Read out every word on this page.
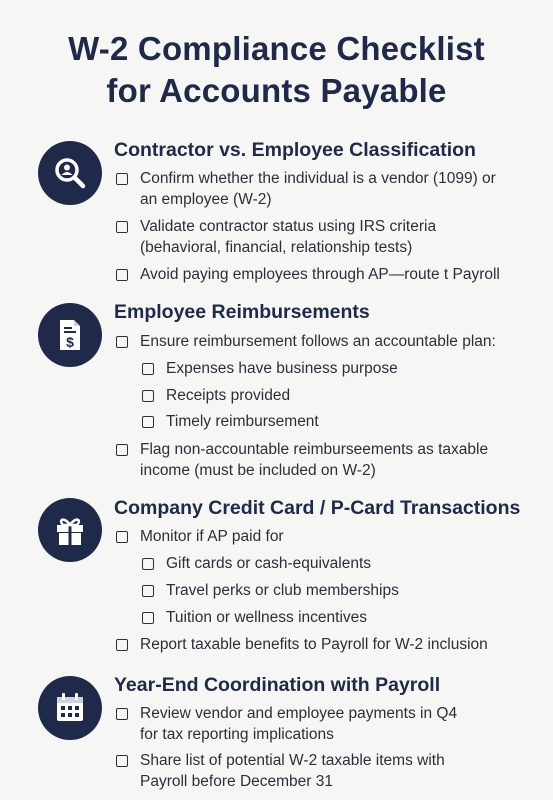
W-2 Compliance Checklist
for Accounts Payable
Contractor vs. Employee Classification
Confirm whether the individual is a vendor (1099) or
an employee (W-2)
Validate contractor status using IRS criteria
(behavioral, financial, relationship tests)
Avoid paying employees through AP—route t Payroll
$
Employee Reimbursements
Ensure reimbursement follows an accountable plan:
Expenses have business purpose
Receipts provided
Timely reimbursement
Flag non-accountable reimburseements as taxable
income (must be included on W-2)
Company Credit Card / P-Card Transactions
Monitor if AP paid for
Gift cards or cash-equivalents
Travel perks or club memberships
Tuition or wellness incentives
Report taxable benefits to Payroll for W-2 inclusion
Year-End Coordination with Payroll
Review vendor and employee payments in Q4
for tax reporting implications
Share list of potential W-2 taxable items with
Payroll before December 31
